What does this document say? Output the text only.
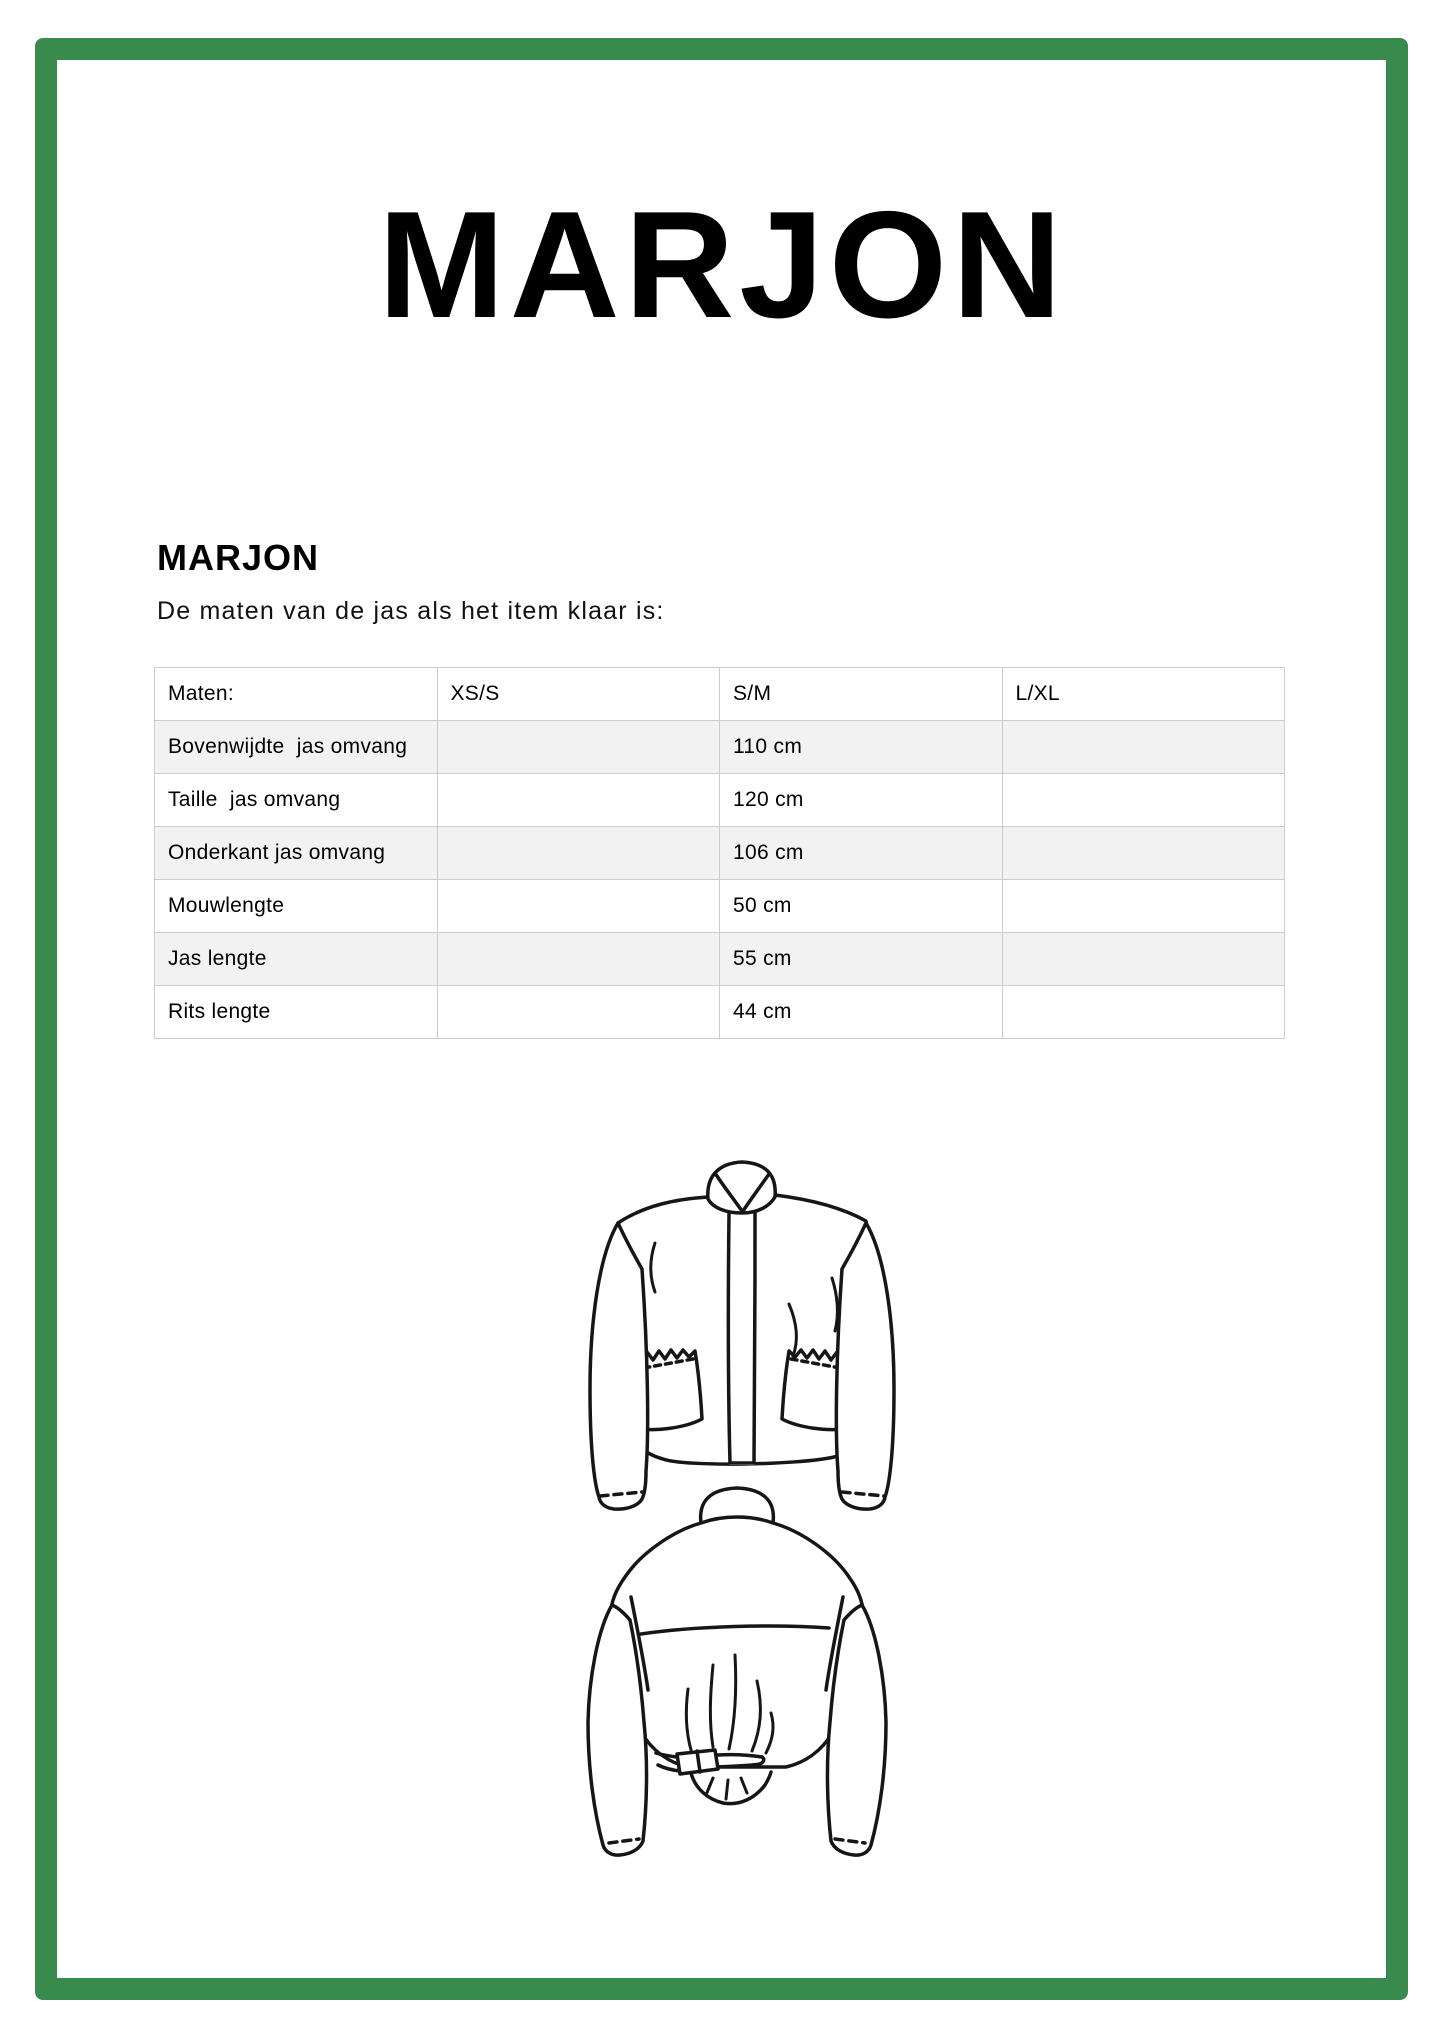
MARJON
MARJON

De maten van de jas als het item klaar is:

Maten:	XS/S	S/M	L/XL
Bovenwijdte  jas omvang		110 cm	
Taille  jas omvang		120 cm	
Onderkant jas omvang		106 cm	
Mouwlengte		50 cm	
Jas lengte		55 cm	
Rits lengte		44 cm	
